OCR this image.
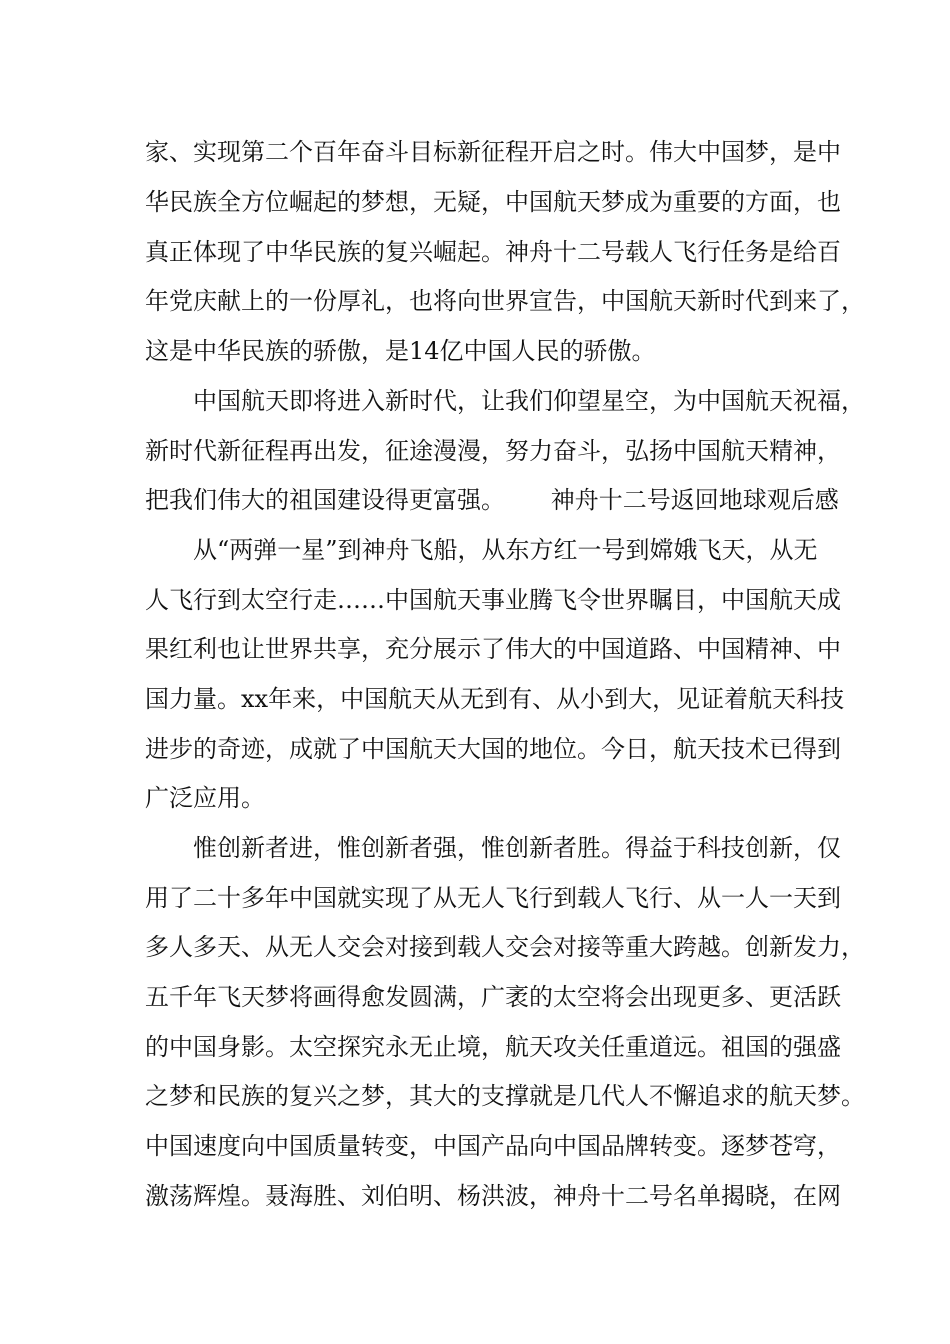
家、实现第二个百年奋斗目标新征程开启之时。伟大中国梦，是中
华民族全方位崛起的梦想，无疑，中国航天梦成为重要的方面，也
真正体现了中华民族的复兴崛起。神舟十二号载人飞行任务是给百
年党庆献上的一份厚礼，也将向世界宣告，中国航天新时代到来了，
这是中华民族的骄傲，是14亿中国人民的骄傲。
中国航天即将进入新时代，让我们仰望星空，为中国航天祝福，
新时代新征程再出发，征途漫漫，努力奋斗，弘扬中国航天精神，
把我们伟大的祖国建设得更富强。      神舟十二号返回地球观后感
从“两弹一星”到神舟飞船，从东方红一号到嫦娥飞天，从无
人飞行到太空行走……中国航天事业腾飞令世界瞩目，中国航天成
果红利也让世界共享，充分展示了伟大的中国道路、中国精神、中
国力量。xx年来，中国航天从无到有、从小到大，见证着航天科技
进步的奇迹，成就了中国航天大国的地位。今日，航天技术已得到
广泛应用。
惟创新者进，惟创新者强，惟创新者胜。得益于科技创新，仅
用了二十多年中国就实现了从无人飞行到载人飞行、从一人一天到
多人多天、从无人交会对接到载人交会对接等重大跨越。创新发力，
五千年飞天梦将画得愈发圆满，广袤的太空将会出现更多、更活跃
的中国身影。太空探究永无止境，航天攻关任重道远。祖国的强盛
之梦和民族的复兴之梦，其大的支撑就是几代人不懈追求的航天梦。
中国速度向中国质量转变，中国产品向中国品牌转变。逐梦苍穹，
激荡辉煌。聂海胜、刘伯明、杨洪波，神舟十二号名单揭晓，在网
